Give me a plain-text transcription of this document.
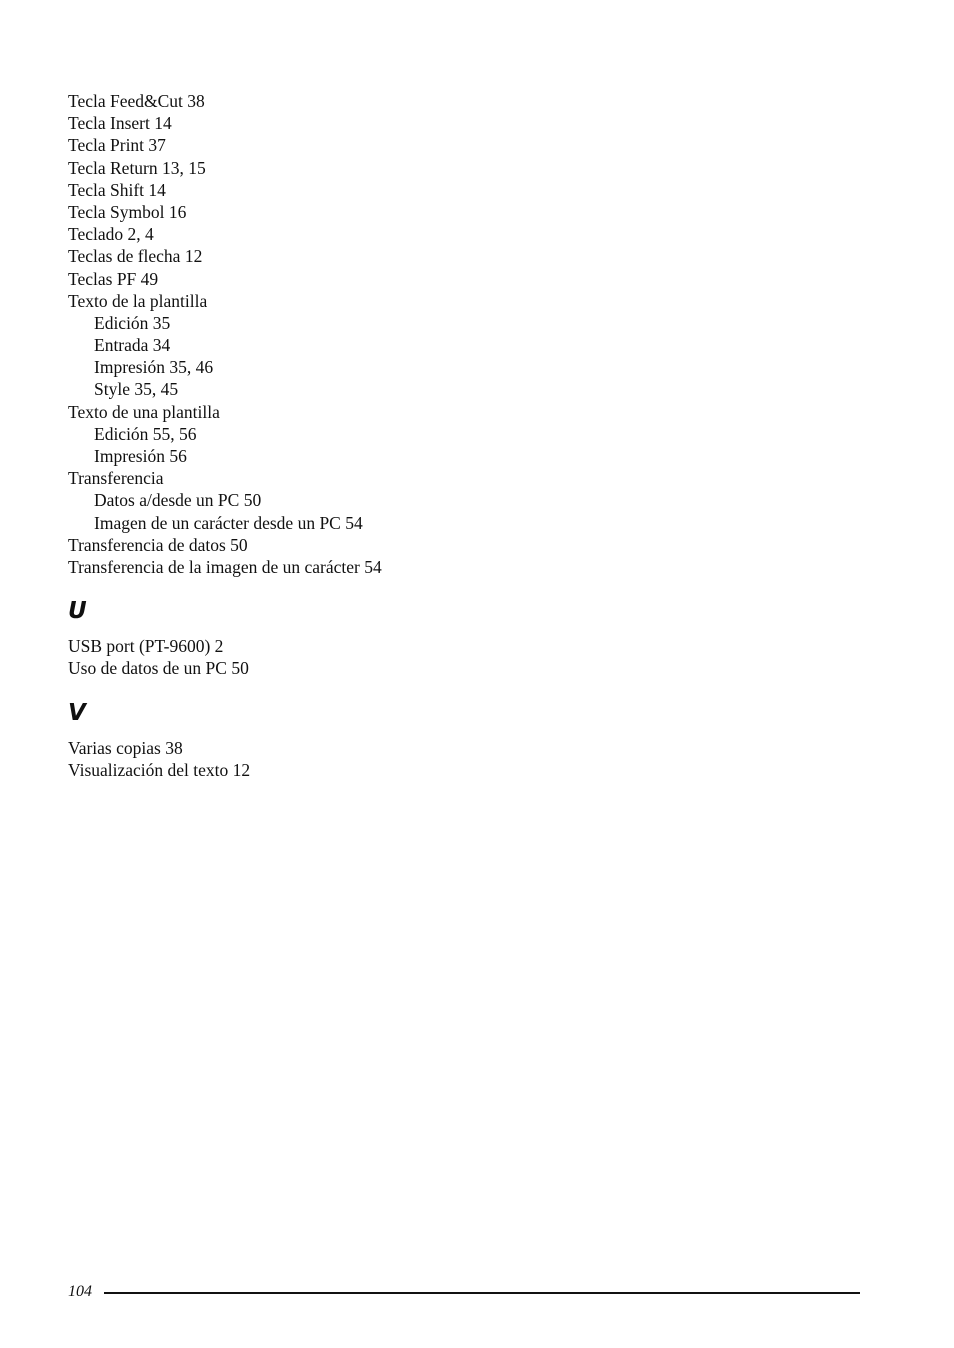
Tecla Feed&Cut 38
Tecla Insert 14
Tecla Print 37
Tecla Return 13, 15
Tecla Shift 14
Tecla Symbol 16
Teclado 2, 4
Teclas de flecha 12
Teclas PF 49
Texto de la plantilla
Edición 35
Entrada 34
Impresión 35, 46
Style 35, 45
Texto de una plantilla
Edición 55, 56
Impresión 56
Transferencia
Datos a/desde un PC 50
Imagen de un carácter desde un PC 54
Transferencia de datos 50
Transferencia de la imagen de un carácter 54
U
USB port (PT-9600) 2
Uso de datos de un PC 50
V
Varias copias 38
Visualización del texto 12
104
